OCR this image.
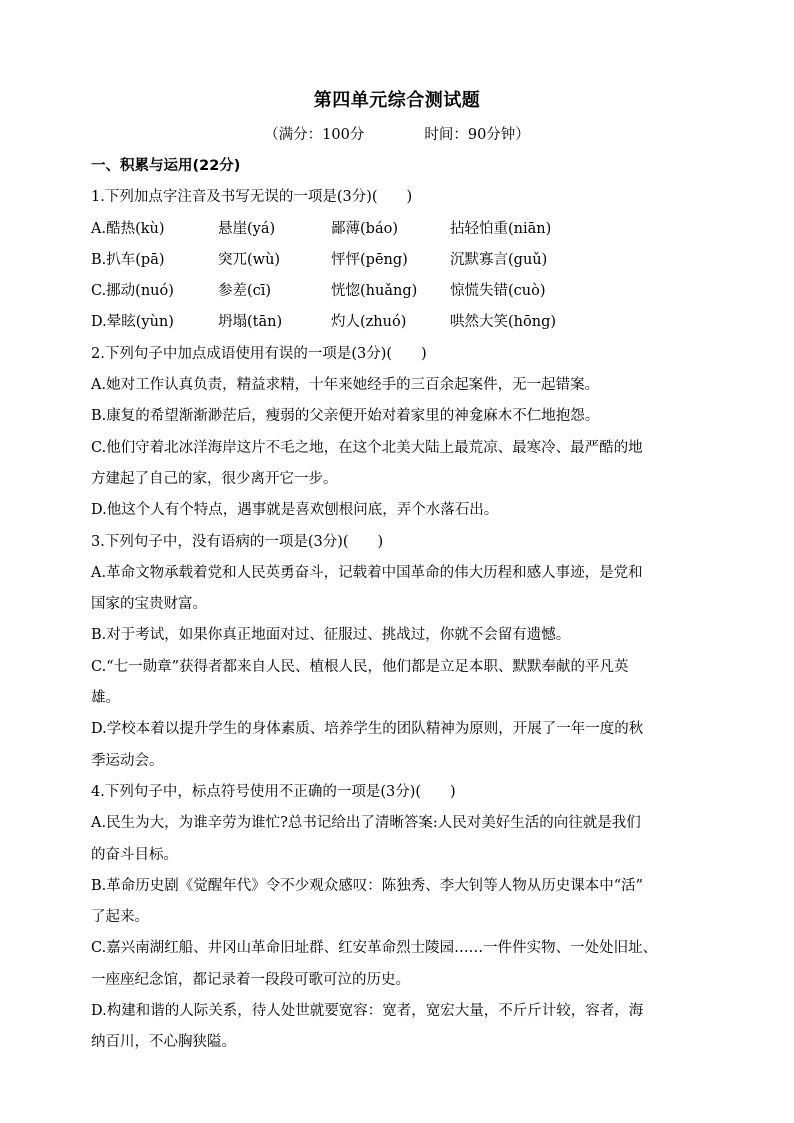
第四单元综合测试题
（满分：100分	时间：90分钟）
一、积累与运用(22分)
1.下列加点字注音及书写无误的一项是(3分)(　　)
A.酷热(kù)	悬崖(yá)	鄙薄(báo)	拈轻怕重(niān)
B.扒车(pā)	突兀(wù)	怦怦(pēng)	沉默寡言(guǔ)
C.挪动(nuó)	参差(cī)	恍惚(huǎng)	惊慌失错(cuò)
D.晕眩(yùn)	坍塌(tān)	灼人(zhuó)	哄然大笑(hōng)
2.下列句子中加点成语使用有误的一项是(3分)(　　)
A.她对工作认真负责，精益求精，十年来她经手的三百余起案件，无一起错案。
B.康复的希望渐渐渺茫后，瘦弱的父亲便开始对着家里的神龛麻木不仁地抱怨。
C.他们守着北冰洋海岸这片不毛之地，在这个北美大陆上最荒凉、最寒冷、最严酷的地
方建起了自己的家，很少离开它一步。
D.他这个人有个特点，遇事就是喜欢刨根问底，弄个水落石出。
3.下列句子中，没有语病的一项是(3分)(　　)
A.革命文物承载着党和人民英勇奋斗，记载着中国革命的伟大历程和感人事迹，是党和
国家的宝贵财富。
B.对于考试，如果你真正地面对过、征服过、挑战过，你就不会留有遗憾。
C.“七一勋章”获得者都来自人民、植根人民，他们都是立足本职、默默奉献的平凡英
雄。
D.学校本着以提升学生的身体素质、培养学生的团队精神为原则，开展了一年一度的秋
季运动会。
4.下列句子中，标点符号使用不正确的一项是(3分)(　　)
A.民生为大，为谁辛劳为谁忙?总书记给出了清晰答案:人民对美好生活的向往就是我们
的奋斗目标。
B.革命历史剧《觉醒年代》令不少观众感叹：陈独秀、李大钊等人物从历史课本中“活”
了起来。
C.嘉兴南湖红船、井冈山革命旧址群、红安革命烈士陵园……一件件实物、一处处旧址、
一座座纪念馆，都记录着一段段可歌可泣的历史。
D.构建和谐的人际关系，待人处世就要宽容：宽者，宽宏大量，不斤斤计较，容者，海
纳百川，不心胸狭隘。
